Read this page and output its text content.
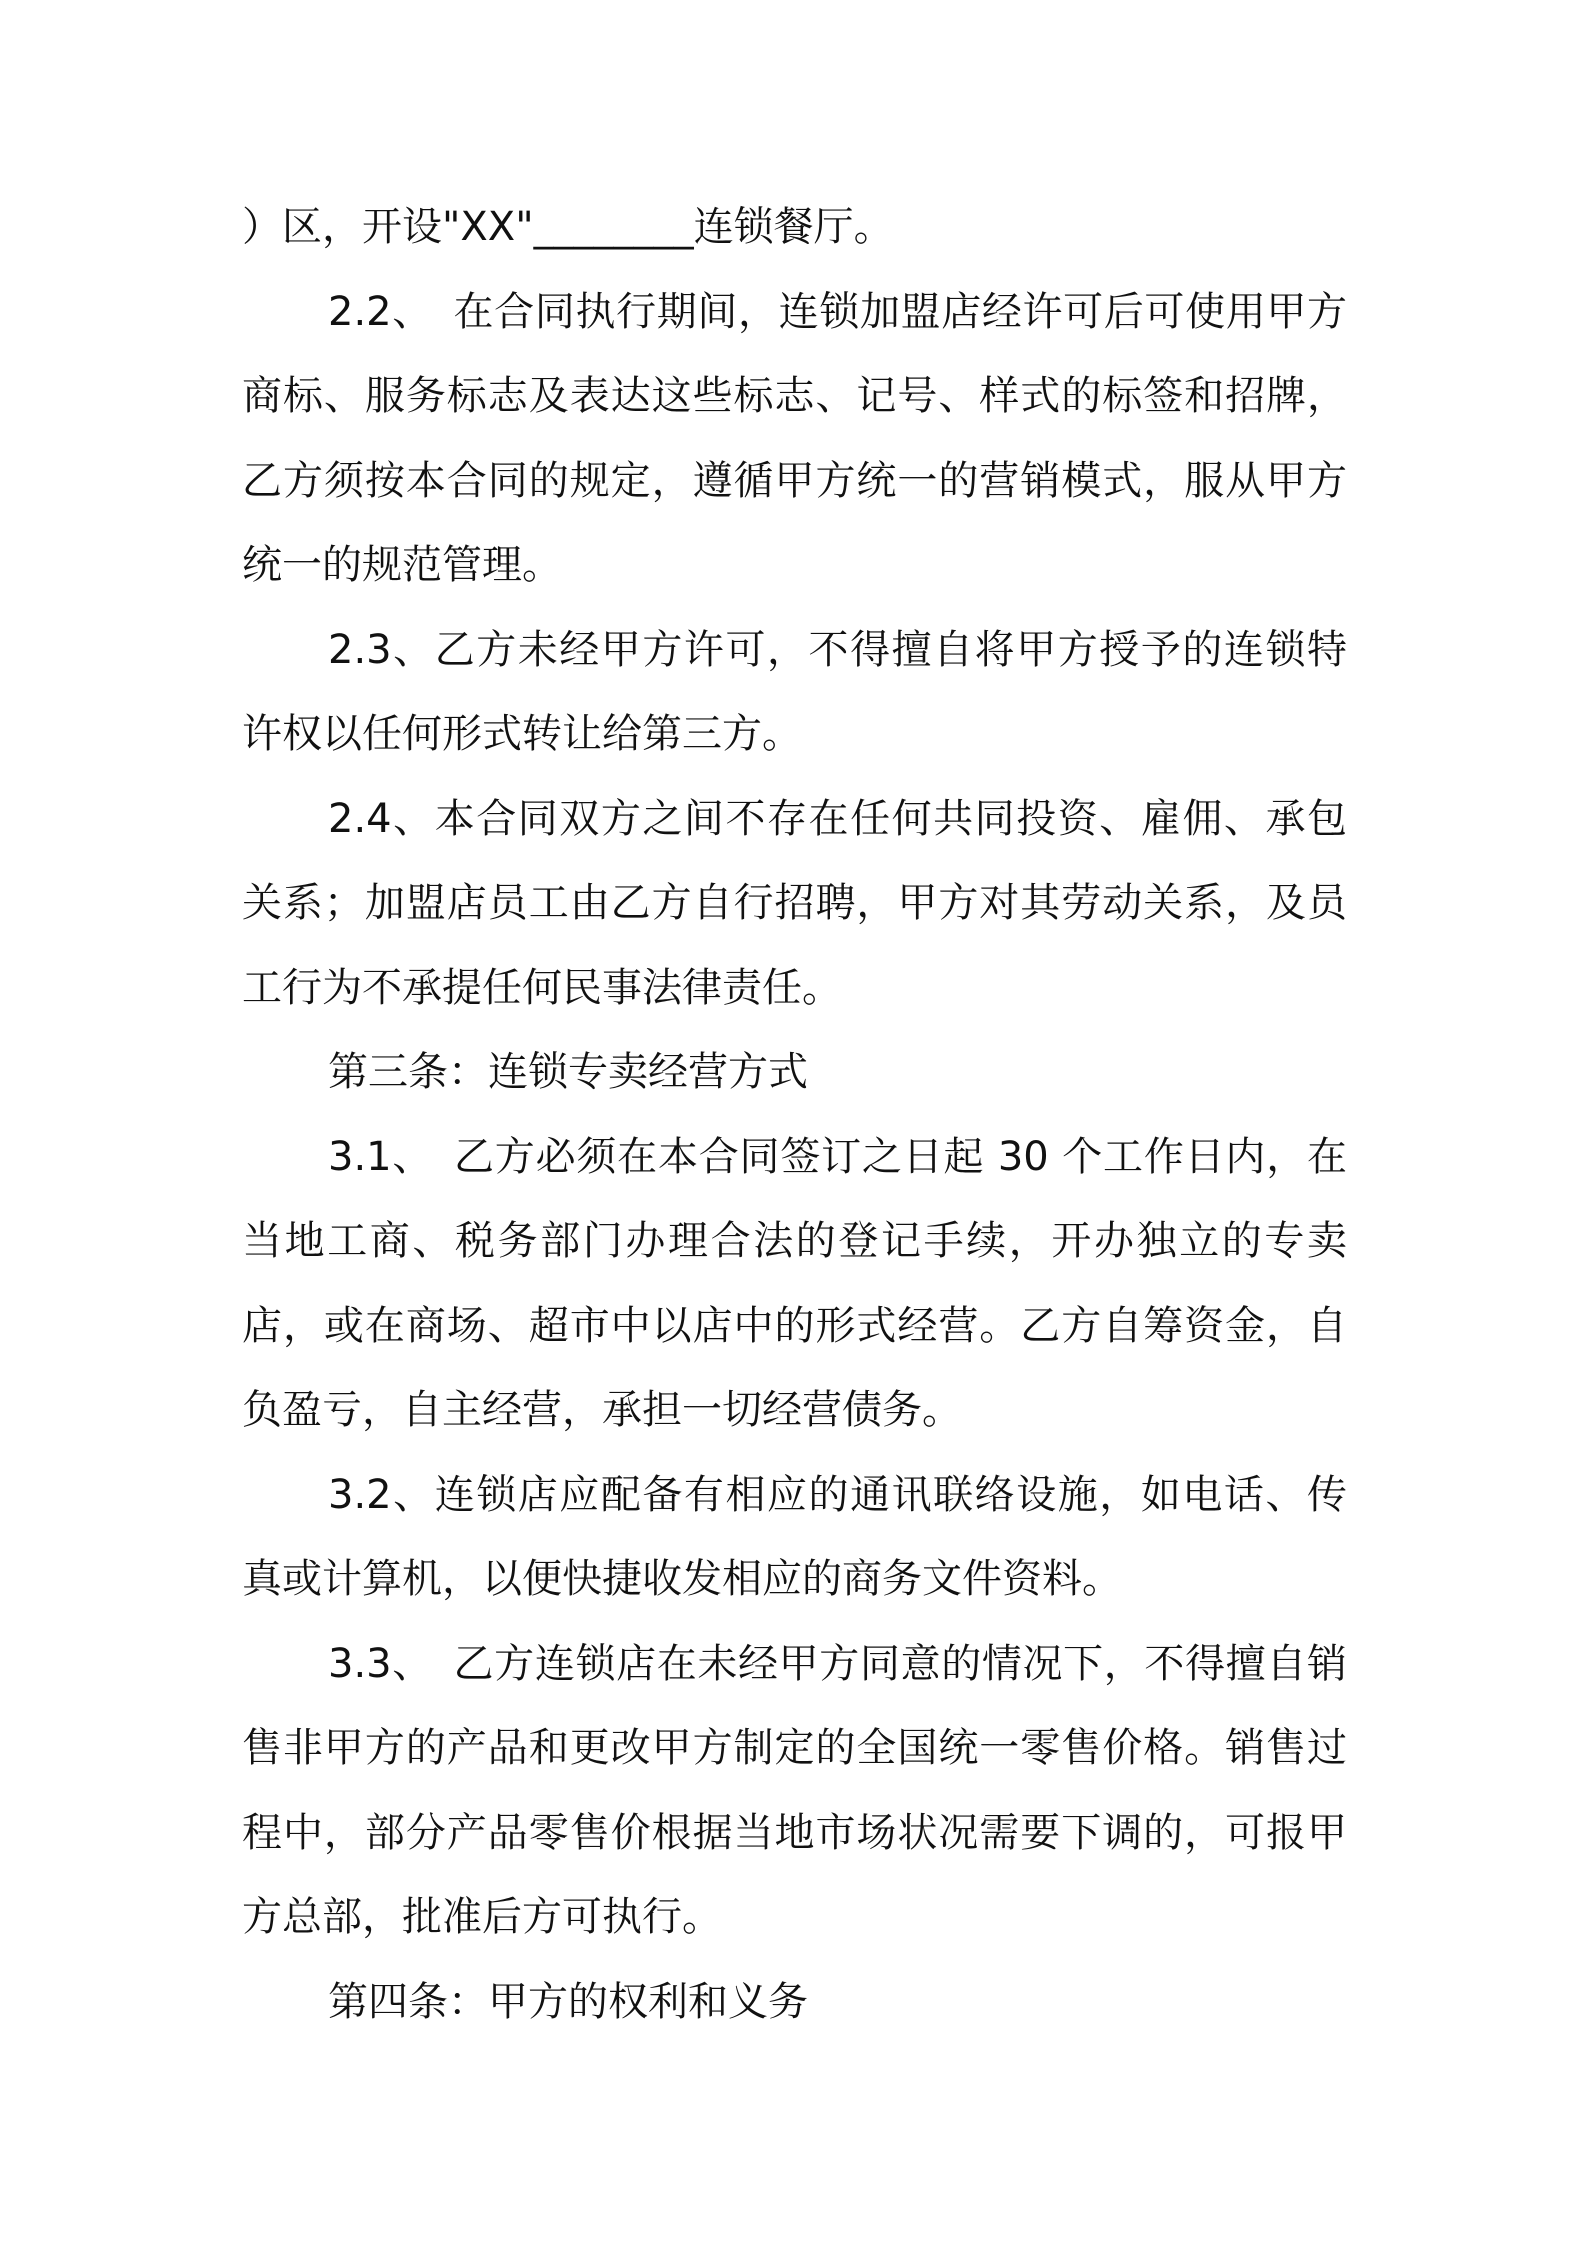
）区，开设"XX"________连锁餐厅。

2.2、　在合同执行期间，连锁加盟店经许可后可使用甲方商标、服务标志及表达这些标志、记号、样式的标签和招牌，乙方须按本合同的规定，遵循甲方统一的营销模式，服从甲方统一的规范管理。

2.3、乙方未经甲方许可，不得擅自将甲方授予的连锁特许权以任何形式转让给第三方。

2.4、本合同双方之间不存在任何共同投资、雇佣、承包关系；加盟店员工由乙方自行招聘，甲方对其劳动关系，及员工行为不承提任何民事法律责任。

第三条：连锁专卖经营方式

3.1、　乙方必须在本合同签订之日起 30 个工作日内，在当地工商、税务部门办理合法的登记手续，开办独立的专卖店，或在商场、超市中以店中的形式经营。乙方自筹资金，自负盈亏，自主经营，承担一切经营债务。

3.2、连锁店应配备有相应的通讯联络设施，如电话、传真或计算机，以便快捷收发相应的商务文件资料。

3.3、　乙方连锁店在未经甲方同意的情况下，不得擅自销售非甲方的产品和更改甲方制定的全国统一零售价格。销售过程中，部分产品零售价根据当地市场状况需要下调的，可报甲方总部，批准后方可执行。

第四条：甲方的权利和义务
